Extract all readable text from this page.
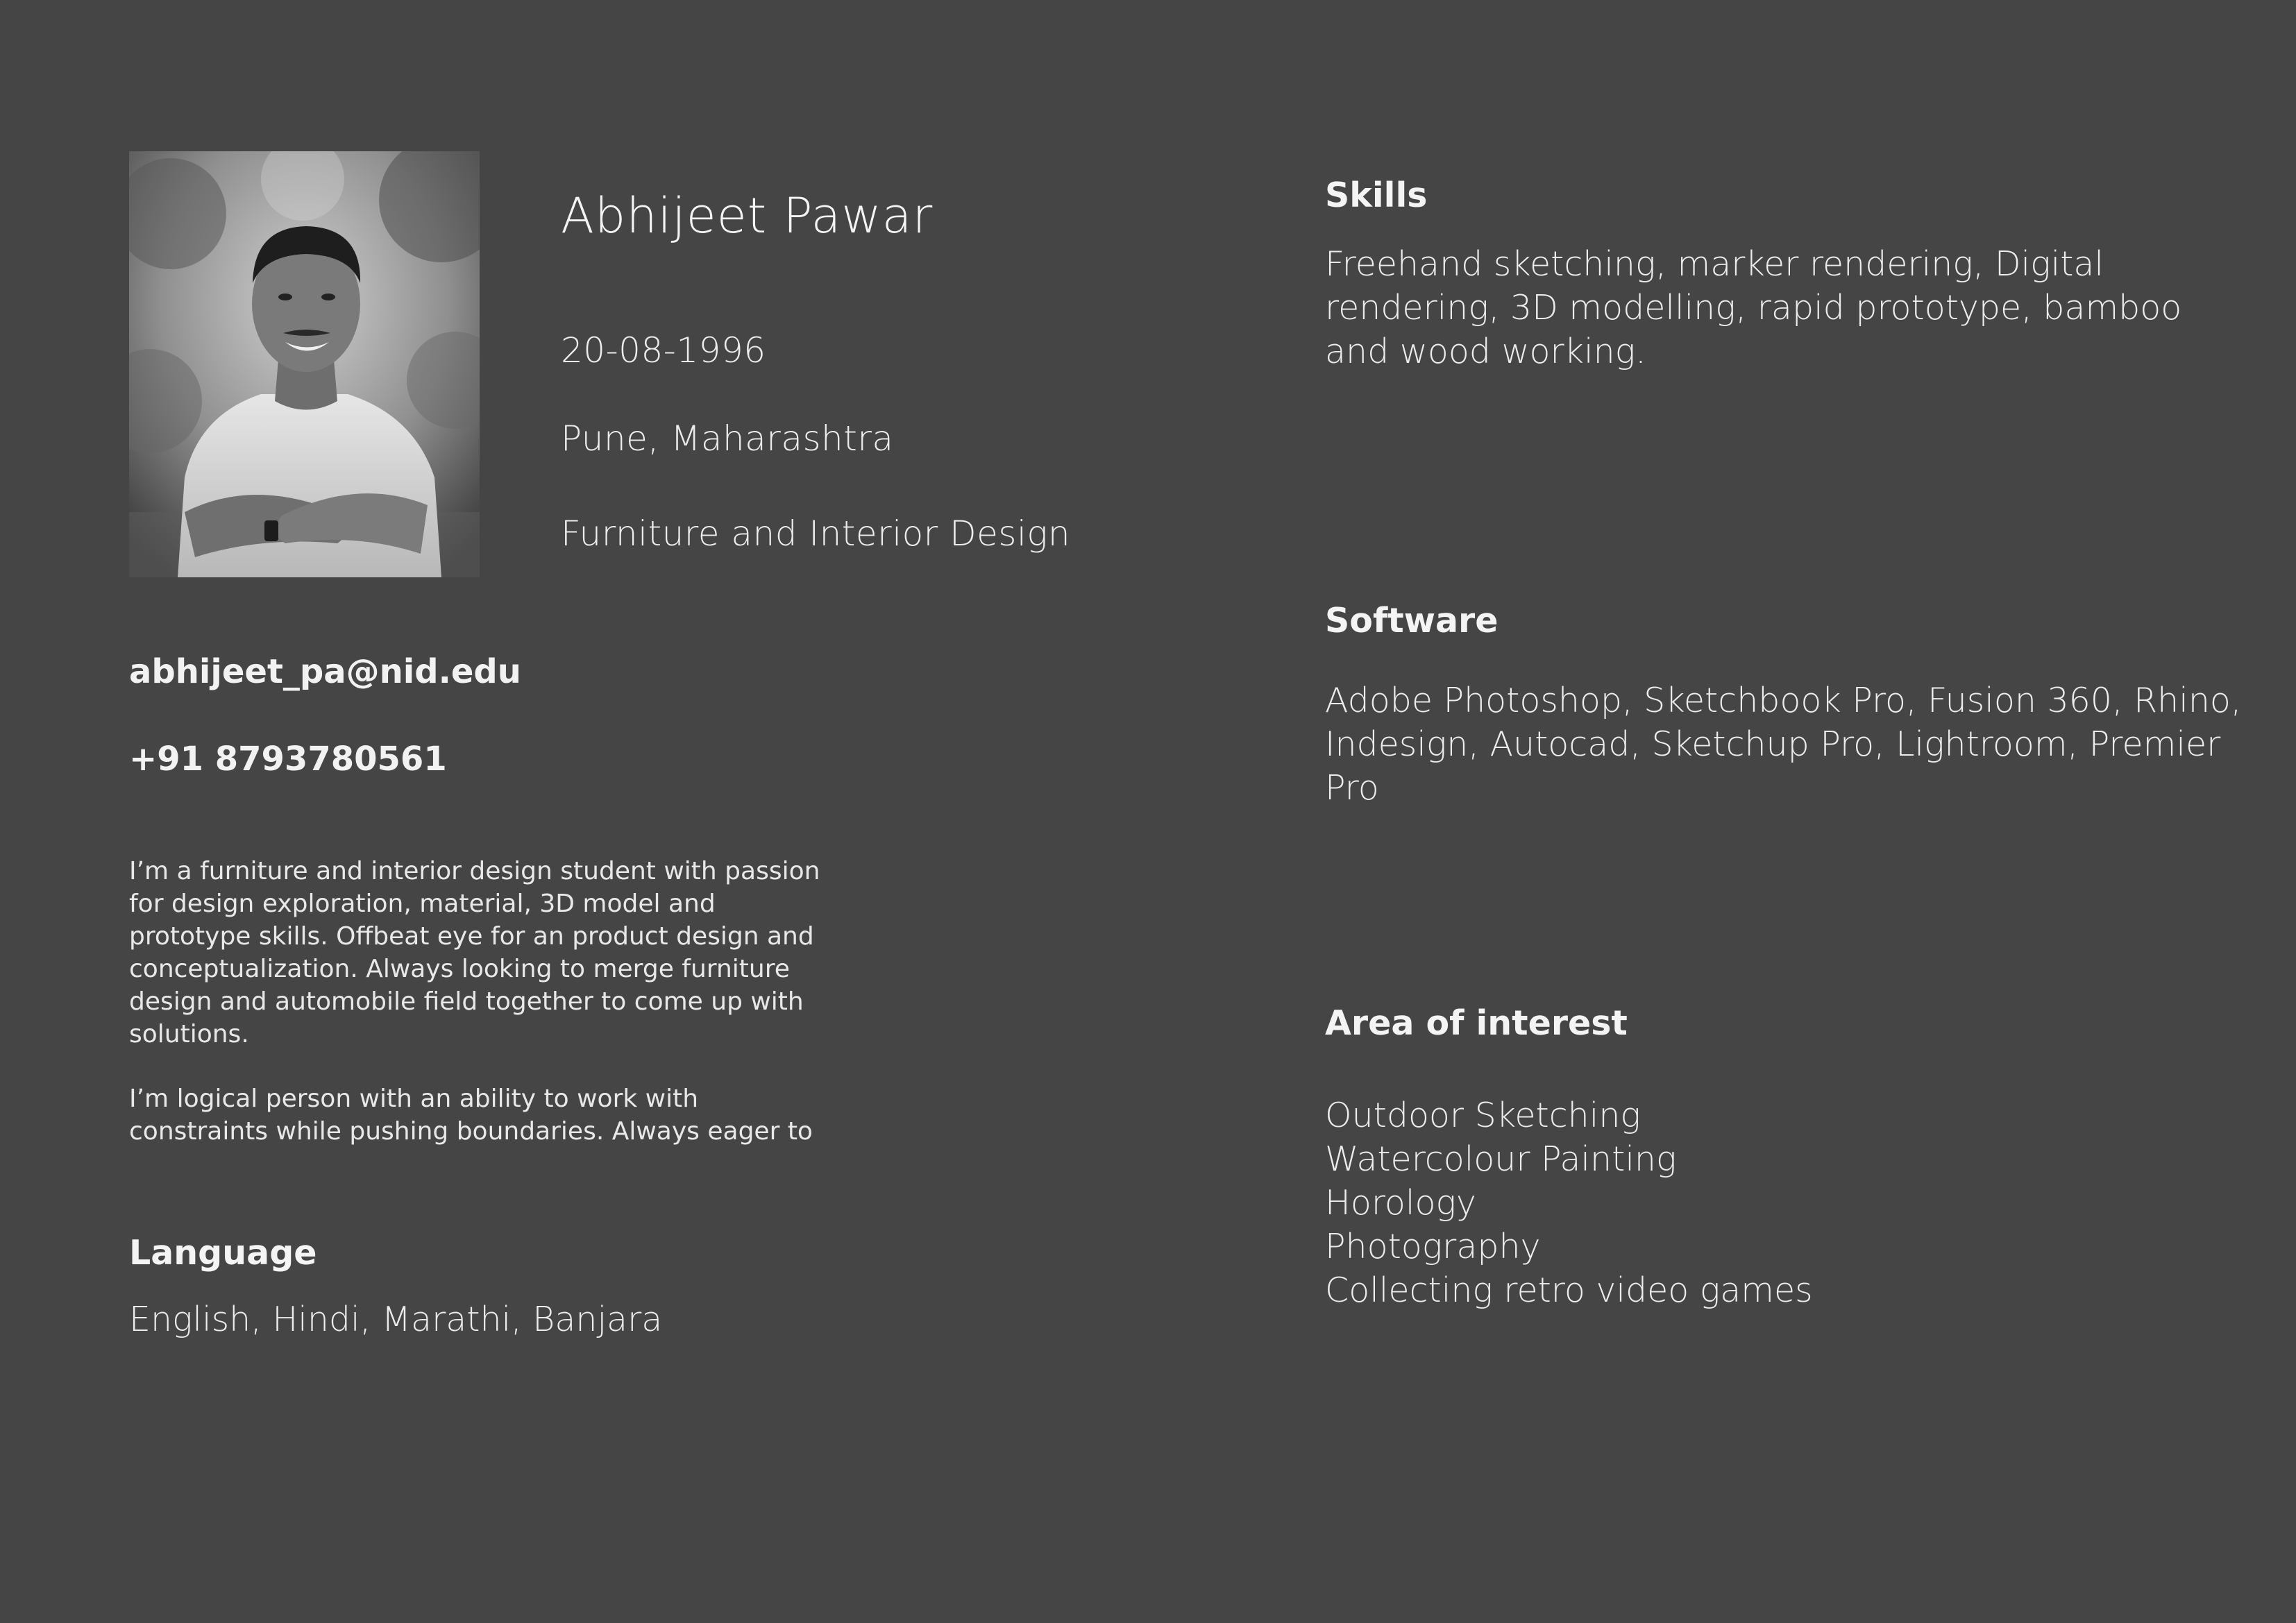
Abhijeet Pawar
20-08-1996
Pune, Maharashtra
Furniture and Interior Design
abhijeet_pa@nid.edu
+91 8793780561

I’m a furniture and interior design student with passion for design exploration, material, 3D model and prototype skills. Offbeat eye for an product design and conceptualization. Always looking to merge furniture design and automobile field together to come up with solutions.

I’m logical person with an ability to work with constraints while pushing boundaries. Always eager to

Language
English, Hindi, Marathi, Banjara
Skills
Freehand sketching, marker rendering, Digital rendering, 3D modelling, rapid prototype, bamboo and wood working.
Software
Adobe Photoshop, Sketchbook Pro, Fusion 360, Rhino, Indesign, Autocad, Sketchup Pro, Lightroom, Premier Pro
Area of interest
Outdoor Sketching
Watercolour Painting
Horology
Photography
Collecting retro video games
